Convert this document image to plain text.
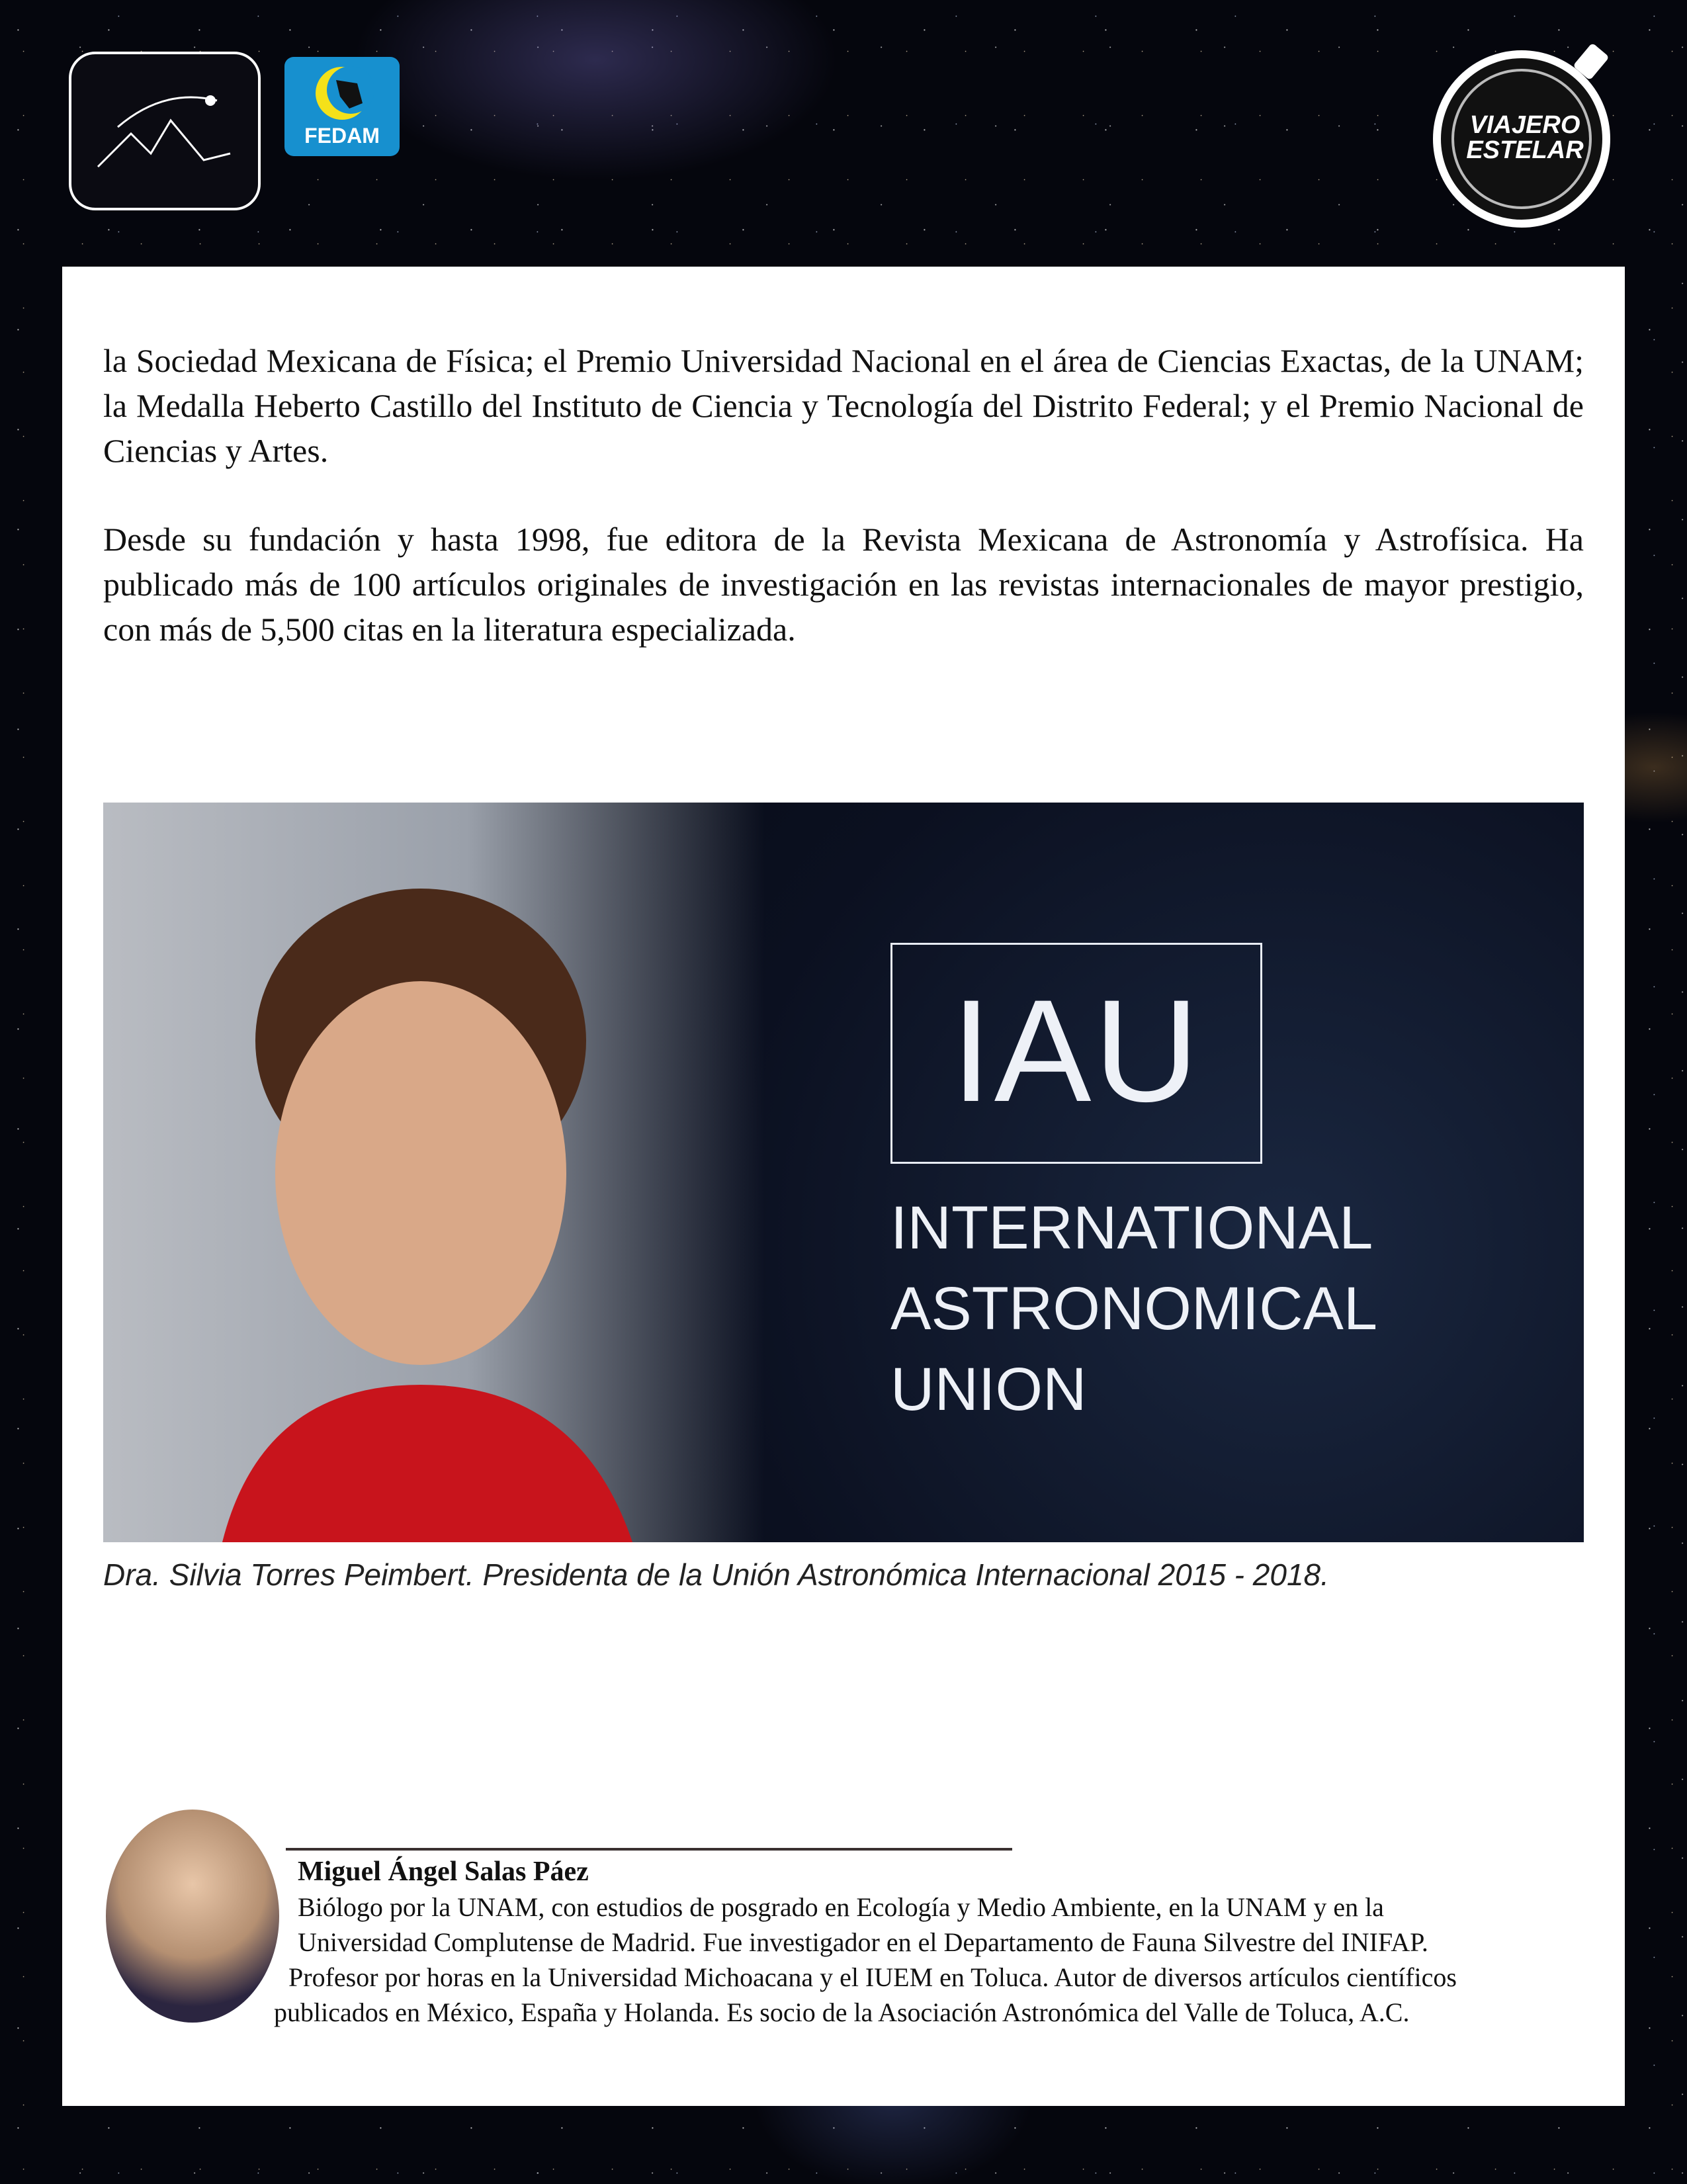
FEDAM	VIAJERO
ESTELAR

la Sociedad Mexicana de Física; el Premio Universidad Nacional en el área de Ciencias Exactas, de la UNAM; la Medalla Heberto Castillo del Instituto de Ciencia y Tecnología del Distrito Federal; y el Premio Nacional de Ciencias y Artes.

Desde su fundación y hasta 1998, fue editora de la Revista Mexicana de Astronomía y Astrofísica. Ha publicado más de 100 artículos originales de investigación en las revistas internacionales de mayor prestigio, con más de 5,500 citas en la literatura especializada.

IAU
INTERNATIONAL
ASTRONOMICAL
UNION

Dra. Silvia Torres Peimbert. Presidenta de la Unión Astronómica Internacional 2015 - 2018.

Miguel Ángel Salas Páez

Biólogo por la UNAM, con estudios de posgrado en Ecología y Medio Ambiente, en la UNAM y en la
Universidad Complutense de Madrid. Fue investigador en el Departamento de Fauna Silvestre del INIFAP.
Profesor por horas en la Universidad Michoacana y el IUEM en Toluca. Autor de diversos artículos científicos
publicados en México, España y Holanda. Es socio de la Asociación Astronómica del Valle de Toluca, A.C.
